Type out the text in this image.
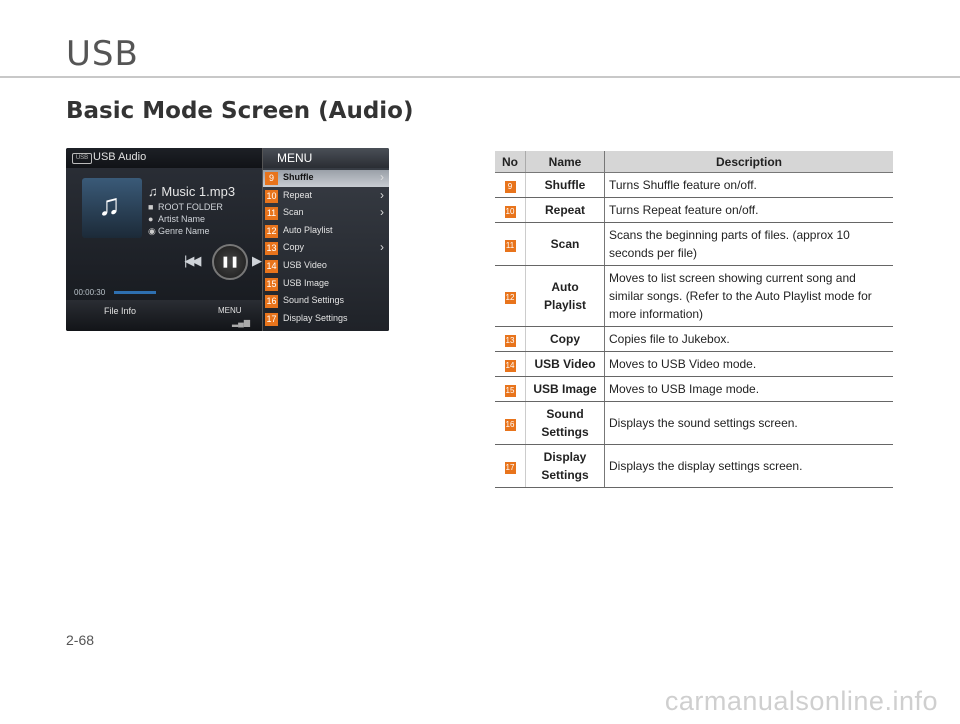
USB
Basic Mode Screen (Audio)
USB USB Audio
♫ ♫ Music 1.mp3
■ ROOT FOLDER
● Artist Name
◉ Genre Name
|◀◀	❚❚ ▶
00:00:30
File Info	MENU
▂▄▆
MENU
9	Shuffle	›
10 Repeat	›
11 Scan	›
12 Auto Playlist
13 Copy	›
14 USB Video
15 USB Image
16 Sound Settings
17 Display Settings
No	Name	Description
9	Shuffle	Turns Shuffle feature on/off.
10	Repeat	Turns Repeat feature on/off.
11	Scan	Scans the beginning parts of files. (approx 10 seconds per file)
12	Auto Playlist	Moves to list screen showing current song and similar songs. (Refer to the Auto Playlist mode for more information)
13	Copy	Copies file to Jukebox.
14	USB Video	Moves to USB Video mode.
15	USB Image	Moves to USB Image mode.
16	Sound Settings	Displays the sound settings screen.
17	Display Settings	Displays the display settings screen.
2-68
carmanualsonline.info
